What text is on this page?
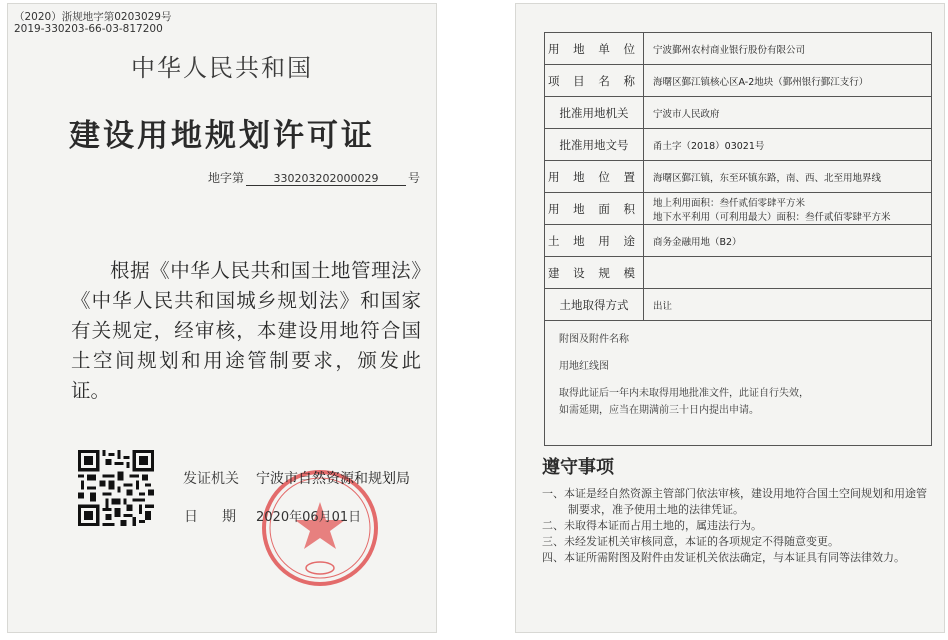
（2020）浙规地字第0203029号
2019-330203-66-03-817200
中华人民共和国
建设用地规划许可证
地字第	330203202000029 号
根据《中华人民共和国土地管理法》《中华人民共和国城乡规划法》和国家有关规定，经审核，本建设用地符合国土空间规划和用途管制要求，颁发此证。
发证机关 宁波市自然资源和规划局
日期
2020年06月01日
用 地 单 位	宁波鄞州农村商业银行股份有限公司
项 目 名 称	海曙区鄞江镇核心区A-2地块（鄞州银行鄞江支行）
批准用地机关	宁波市人民政府
批准用地文号	甬土字（2018）03021号
用 地 位 置	海曙区鄞江镇，东至环镇东路，南、西、北至用地界线
用 地 面 积	地上利用面积：叁仟贰佰零肆平方米
地下水平利用（可利用最大）面积：叁仟贰佰零肆平方米
土 地 用 途	商务金融用地（B2）
建 设 规 模
土地取得方式	出让
附图及附件名称
用地红线图
取得此证后一年内未取得用地批准文件，此证自行失效，
如需延期，应当在期满前三十日内提出申请。
遵守事项
一、本证是经自然资源主管部门依法审核，建设用地符合国土空间规划和用途管制要求，准予使用土地的法律凭证。
二、未取得本证而占用土地的，属违法行为。
三、未经发证机关审核同意，本证的各项规定不得随意变更。
四、本证所需附图及附件由发证机关依法确定，与本证具有同等法律效力。
